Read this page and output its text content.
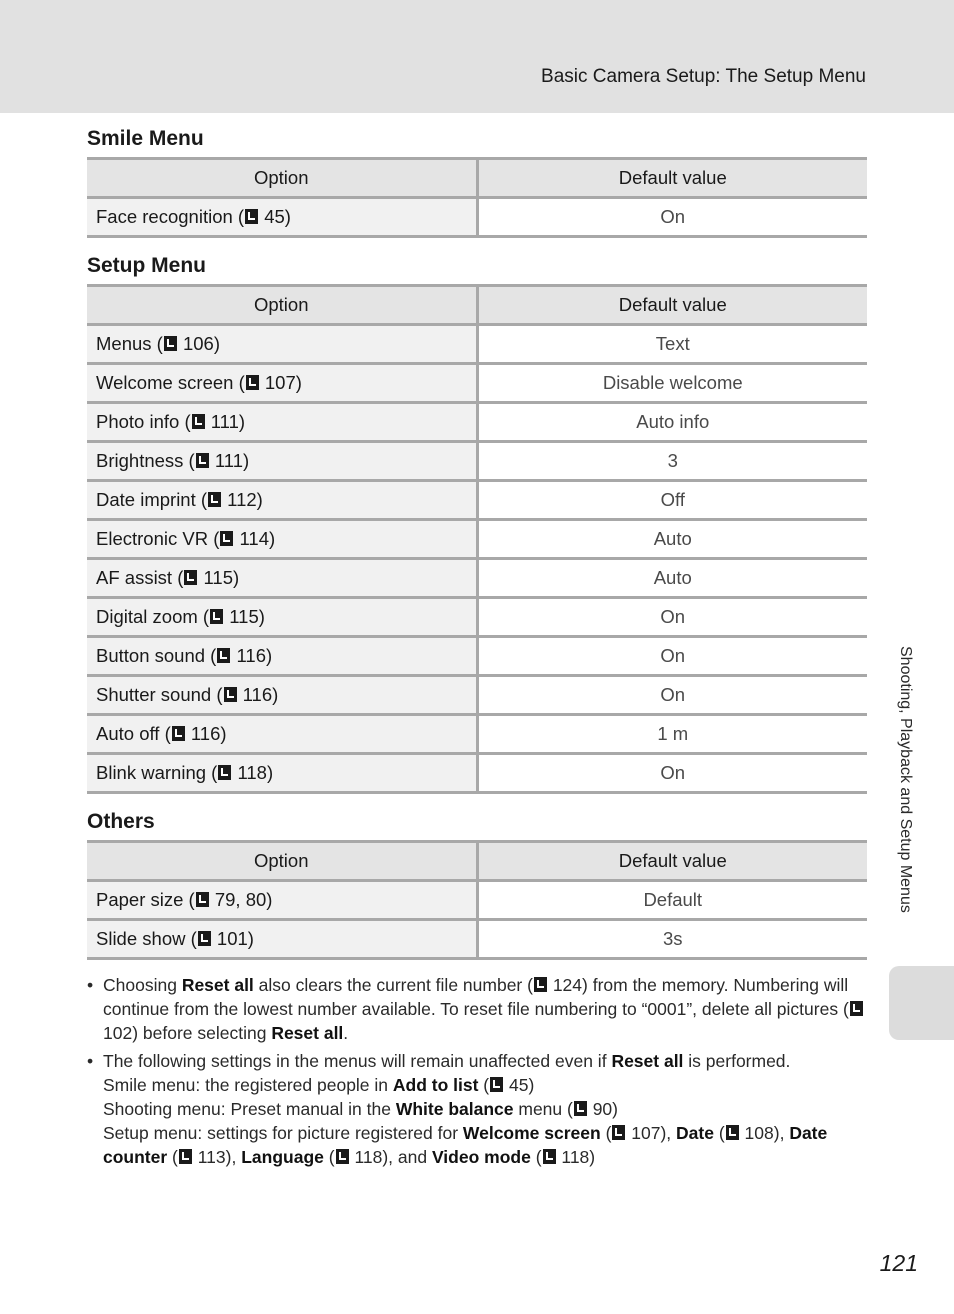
Basic Camera Setup: The Setup Menu
Smile Menu
Option	Default value
Face recognition ( 45)	On
Setup Menu
Option	Default value
Menus ( 106)	Text
Welcome screen ( 107)	Disable welcome
Photo info ( 111)	Auto info
Brightness ( 111)	3
Date imprint ( 112)	Off
Electronic VR ( 114)	Auto
AF assist ( 115)	Auto
Digital zoom ( 115)	On
Button sound ( 116)	On
Shutter sound ( 116)	On
Auto off ( 116)	1 m
Blink warning ( 118)	On
Others
Option	Default value
Paper size ( 79, 80)	Default
Slide show ( 101)	3s
• Choosing Reset all also clears the current file number ( 124) from the memory. Numbering will continue from the lowest number available. To reset file numbering to “0001”, delete all pictures ( 102) before selecting Reset all.
• The following settings in the menus will remain unaffected even if Reset all is performed.
Smile menu: the registered people in Add to list ( 45)
Shooting menu: Preset manual in the White balance menu ( 90)
Setup menu: settings for picture registered for Welcome screen ( 107), Date ( 108), Date counter ( 113), Language ( 118), and Video mode ( 118)
Shooting, Playback and Setup Menus
121
